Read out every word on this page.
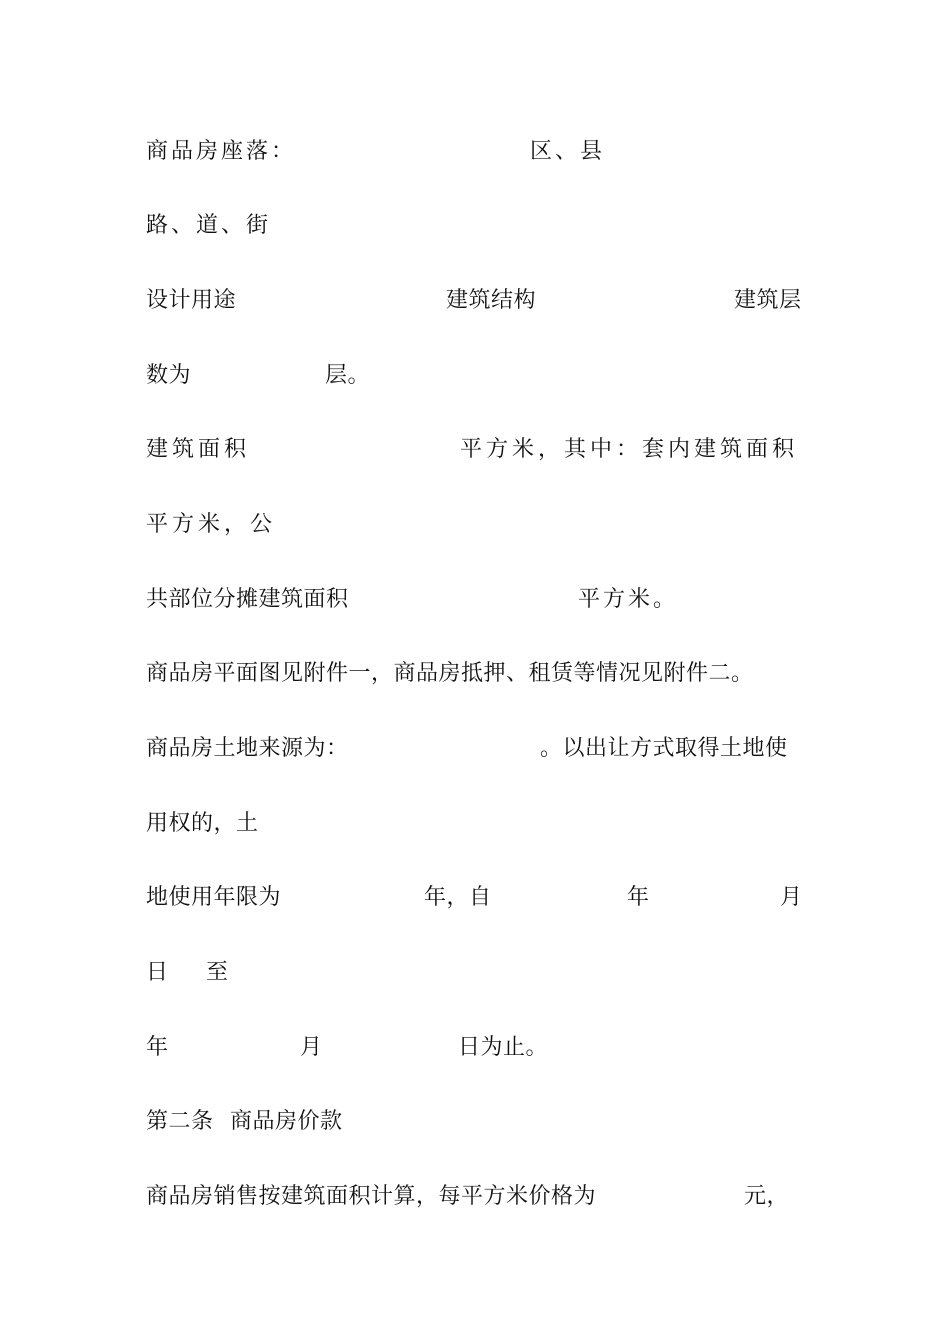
商品房座落：	区、县
路、道、街
设计用途	建筑结构	建筑层
数为	层。
建筑面积	平方米，其中：套内建筑面积
平方米，公
共部位分摊建筑面积	平方米。
商品房平面图见附件一，商品房抵押、租赁等情况见附件二。
商品房土地来源为：	。以出让方式取得土地使
用权的，土
地使用年限为	年，自	年	月
日 至
年	月	日为止。
第二条 商品房价款
商品房销售按建筑面积计算，每平方米价格为	元，
